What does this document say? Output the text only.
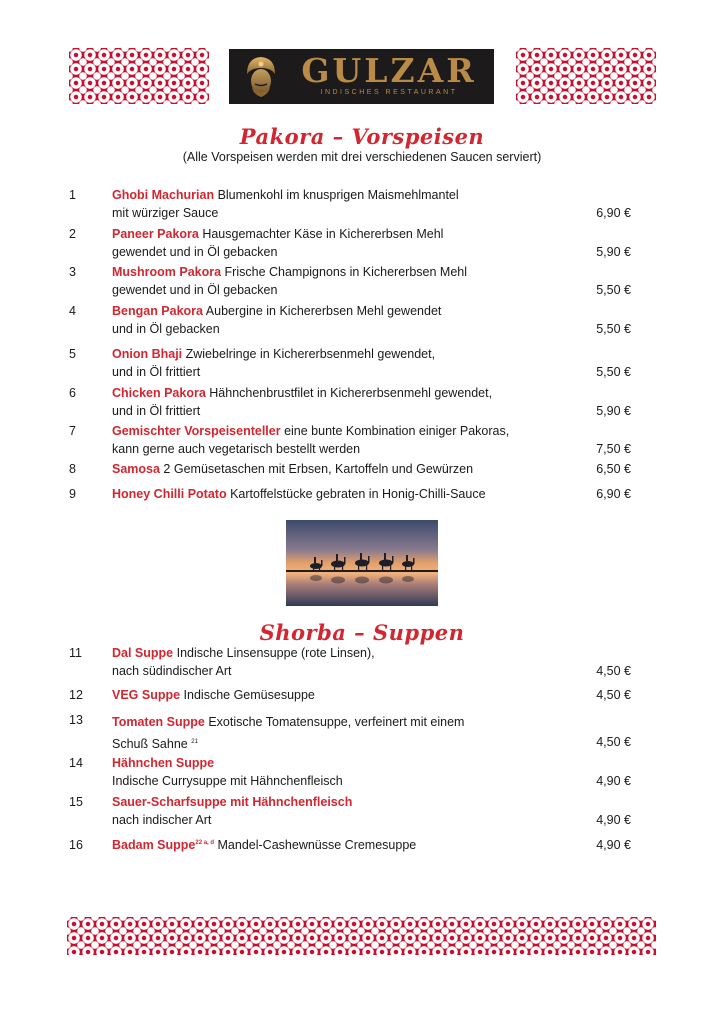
GULZAR
INDISCHES RESTAURANT
Pakora – Vorspeisen
(Alle Vorspeisen werden mit drei verschiedenen Saucen serviert)
1	Ghobi Machurian Blumenkohl im knusprigen Maismehlmantel
mit würziger Sauce	6,90 €
2	Paneer Pakora Hausgemachter Käse in Kichererbsen Mehl
gewendet und in Öl gebacken	5,90 €
3	Mushroom Pakora Frische Champignons in Kichererbsen Mehl
gewendet und in Öl gebacken	5,50 €
4	Bengan Pakora Aubergine in Kichererbsen Mehl gewendet
und in Öl gebacken	5,50 €
5	Onion Bhaji Zwiebelringe in Kichererbsenmehl gewendet,
und in Öl frittiert	5,50 €
6	Chicken Pakora Hähnchenbrustfilet in Kichererbsenmehl gewendet,
und in Öl frittiert	5,90 €
7	Gemischter Vorspeisenteller eine bunte Kombination einiger Pakoras,
kann gerne auch vegetarisch bestellt werden	7,50 €
8	Samosa 2 Gemüsetaschen mit Erbsen, Kartoffeln und Gewürzen	6,50 €
9	Honey Chilli Potato Kartoffelstücke gebraten in Honig-Chilli-Sauce	6,90 €
Shorba – Suppen
11 Dal Suppe Indische Linsensuppe (rote Linsen),
nach südindischer Art	4,50 €
12 VEG Suppe Indische Gemüsesuppe	4,50 €
13 Tomaten Suppe Exotische Tomatensuppe, verfeinert mit einem
Schuß Sahne $^{21}$	4,50 €
14 Hähnchen Suppe
Indische Currysuppe mit Hähnchenfleisch	4,90 €
15 Sauer-Scharfsuppe mit Hähnchenfleisch
nach indischer Art	4,90 €
16 Badam Suppe$^{22 a, d}$ Mandel-Cashewnüsse Cremesuppe	4,90 €
